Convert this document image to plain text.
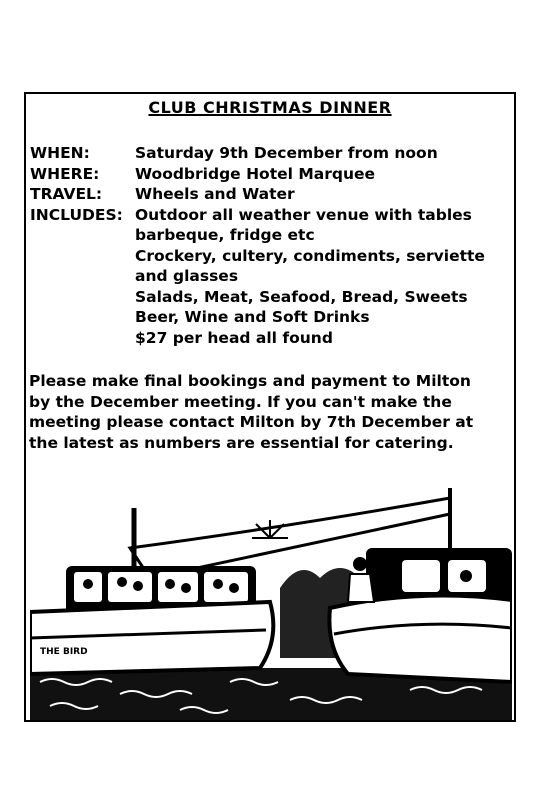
CLUB CHRISTMAS DINNER
WHEN:	Saturday 9th December from noon
WHERE: Woodbridge Hotel Marquee
TRAVEL: Wheels and Water
INCLUDES: Outdoor all weather venue with tables
barbeque, fridge etc
Crockery, cultery, condiments, serviette
and glasses
Salads, Meat, Seafood, Bread, Sweets
Beer, Wine and Soft Drinks
$27 per head all found
Please make final bookings and payment to Milton
by the December meeting. If you can't make the
meeting please contact Milton by 7th December at
the latest as numbers are essential for catering.
THE BIRD
